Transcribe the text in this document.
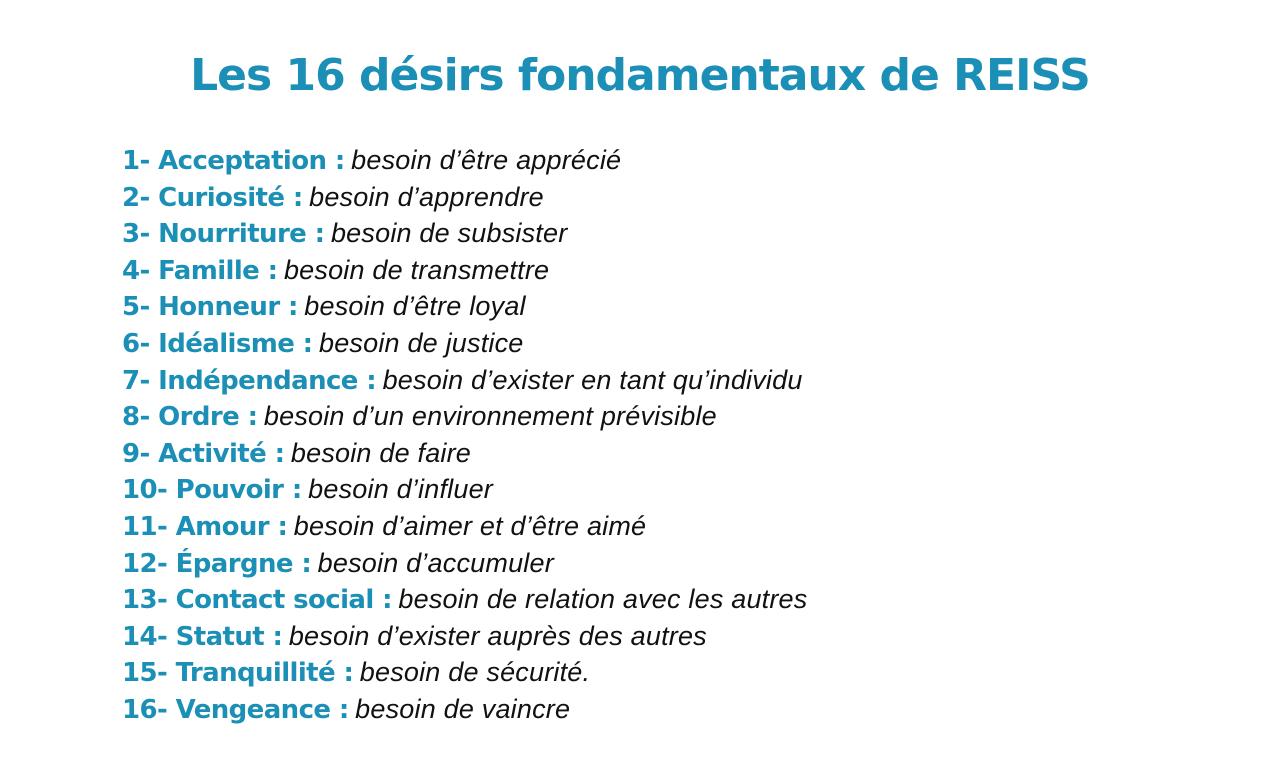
Les 16 désirs fondamentaux de REISS
1- Acceptation : besoin d’être apprécié
2- Curiosité : besoin d’apprendre
3- Nourriture : besoin de subsister
4- Famille : besoin de transmettre
5- Honneur : besoin d’être loyal
6- Idéalisme : besoin de justice
7- Indépendance : besoin d’exister en tant qu’individu
8- Ordre : besoin d’un environnement prévisible
9- Activité : besoin de faire
10- Pouvoir : besoin d’influer
11- Amour : besoin d’aimer et d’être aimé
12- Épargne : besoin d’accumuler
13- Contact social : besoin de relation avec les autres
14- Statut : besoin d’exister auprès des autres
15- Tranquillité : besoin de sécurité.
16- Vengeance : besoin de vaincre
